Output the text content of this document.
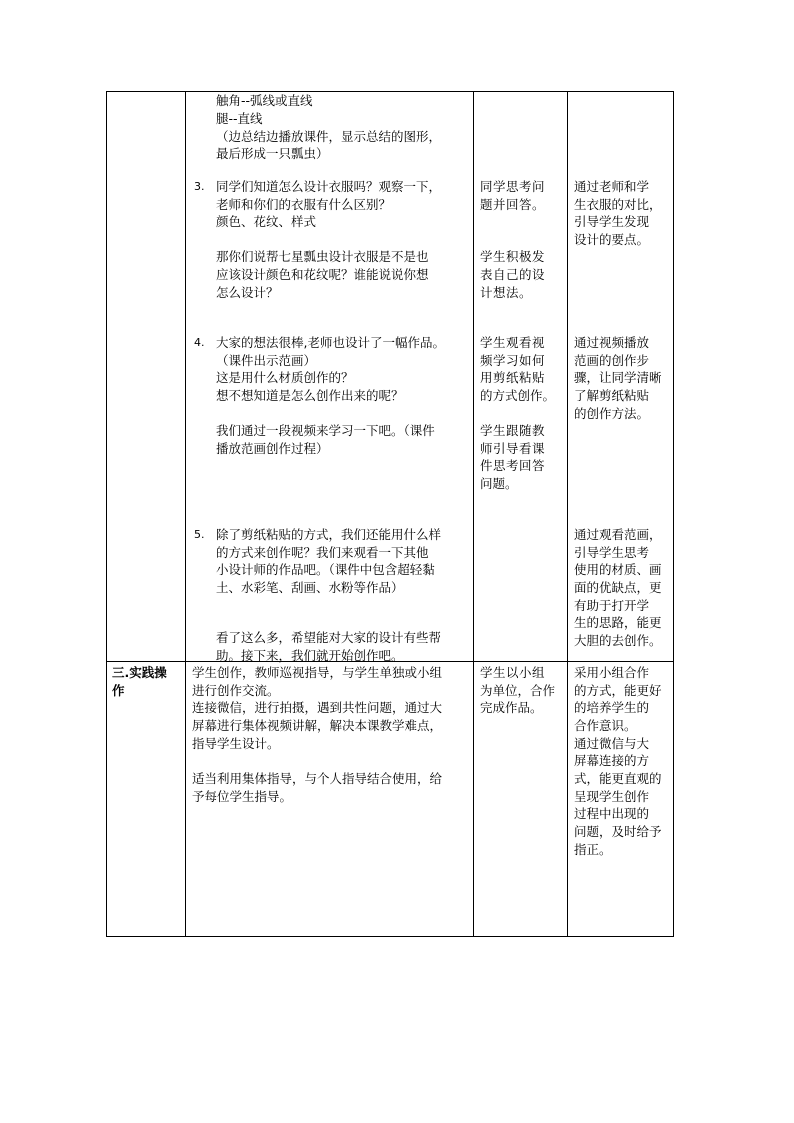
触角--弧线或直线
腿--直线
（边总结边播放课件，显示总结的图形，
最后形成一只瓢虫）
3. 同学们知道怎么设计衣服吗？观察一下，
老师和你们的衣服有什么区别？
颜色、花纹、样式
那你们说帮七星瓢虫设计衣服是不是也
应该设计颜色和花纹呢？谁能说说你想
怎么设计？
4. 大家的想法很棒,老师也设计了一幅作品。
（课件出示范画）
这是用什么材质创作的？
想不想知道是怎么创作出来的呢？
我们通过一段视频来学习一下吧。（课件
播放范画创作过程）
5. 除了剪纸粘贴的方式，我们还能用什么样
的方式来创作呢？我们来观看一下其他
小设计师的作品吧。（课件中包含超轻黏
土、水彩笔、刮画、水粉等作品）
看了这么多，希望能对大家的设计有些帮
助。接下来，我们就开始创作吧。
同学思考问
题并回答。
学生积极发
表自己的设
计想法。
学生观看视
频学习如何
用剪纸粘贴
的方式创作。
学生跟随教
师引导看课
件思考回答
问题。
通过老师和学
生衣服的对比，
引导学生发现
设计的要点。
通过视频播放
范画的创作步
骤，让同学清晰
了解剪纸粘贴
的创作方法。
通过观看范画，
引导学生思考
使用的材质、画
面的优缺点，更
有助于打开学
生的思路，能更
大胆的去创作。
三.实践操
作
学生创作，教师巡视指导，与学生单独或小组
进行创作交流。
连接微信，进行拍摄，遇到共性问题，通过大
屏幕进行集体视频讲解，解决本课教学难点，
指导学生设计。
适当利用集体指导，与个人指导结合使用，给
予每位学生指导。
学生以小组
为单位，合作
完成作品。
采用小组合作
的方式，能更好
的培养学生的
合作意识。
通过微信与大
屏幕连接的方
式，能更直观的
呈现学生创作
过程中出现的
问题，及时给予
指正。
